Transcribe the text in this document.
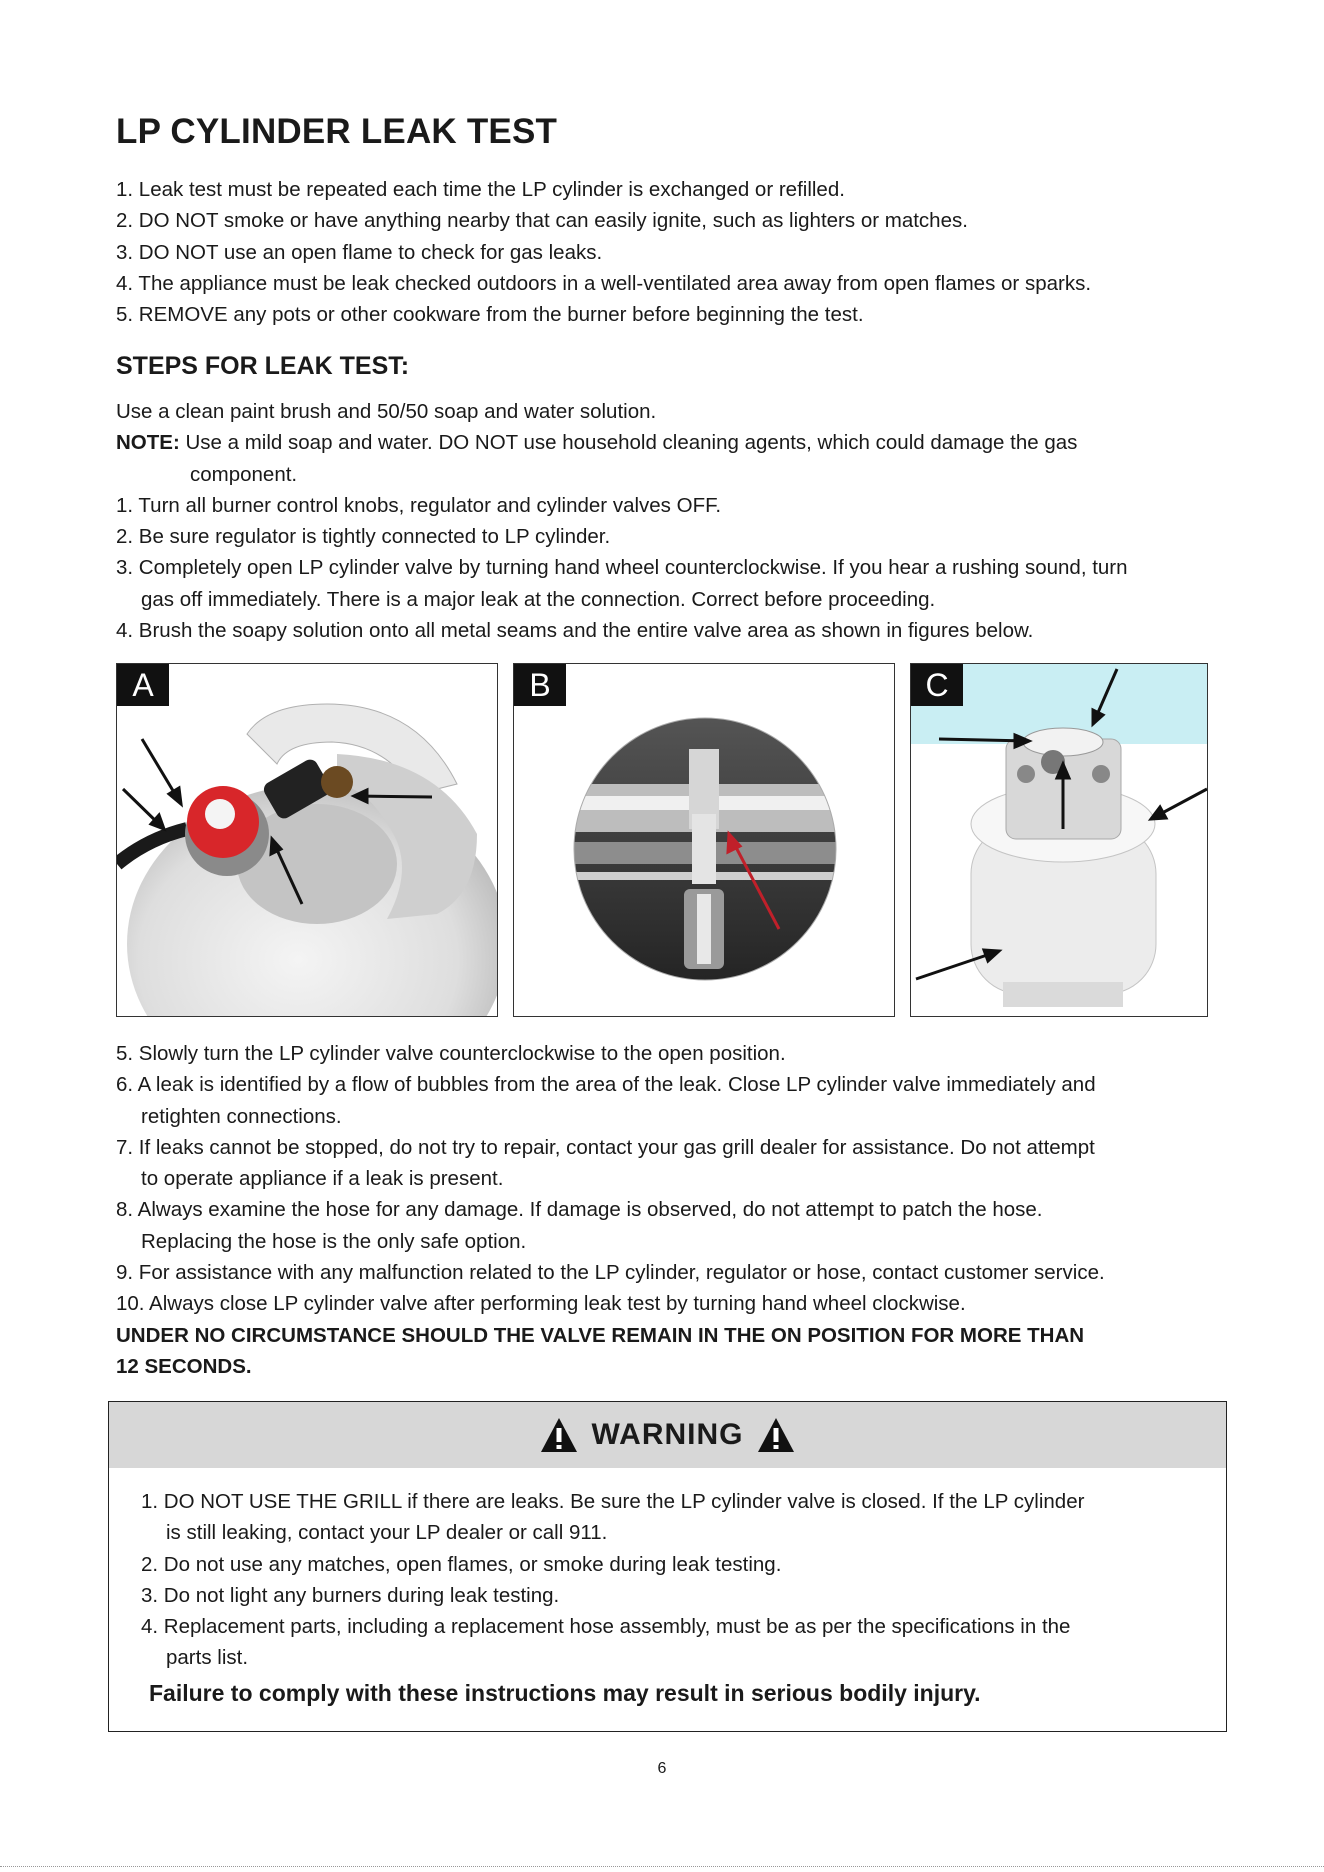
LP CYLINDER LEAK TEST
1. Leak test must be repeated each time the LP cylinder is exchanged or refilled.
2. DO NOT smoke or have anything nearby that can easily ignite, such as lighters or matches.
3. DO NOT use an open flame to check for gas leaks.
4. The appliance must be leak checked outdoors in a well-ventilated area away from open flames or sparks.
5. REMOVE any pots or other cookware from the burner before beginning the test.
STEPS FOR LEAK TEST:
Use a clean paint brush and 50/50 soap and water solution.
NOTE: Use a mild soap and water. DO NOT use household cleaning agents, which could damage the gas
component.
1. Turn all burner control knobs, regulator and cylinder valves OFF.
2. Be sure regulator is tightly connected to LP cylinder.
3. Completely open LP cylinder valve by turning hand wheel counterclockwise. If you hear a rushing sound, turn
gas off immediately. There is a major leak at the connection. Correct before proceeding.
4. Brush the soapy solution onto all metal seams and the entire valve area as shown in figures below.
A	B	C
5. Slowly turn the LP cylinder valve counterclockwise to the open position.
6. A leak is identified by a flow of bubbles from the area of the leak. Close LP cylinder valve immediately and
retighten connections.
7. If leaks cannot be stopped, do not try to repair, contact your gas grill dealer for assistance. Do not attempt
to operate appliance if a leak is present.
8. Always examine the hose for any damage. If damage is observed, do not attempt to patch the hose.
Replacing the hose is the only safe option.
9. For assistance with any malfunction related to the LP cylinder, regulator or hose, contact customer service.
10. Always close LP cylinder valve after performing leak test by turning hand wheel clockwise.
UNDER NO CIRCUMSTANCE SHOULD THE VALVE REMAIN IN THE ON POSITION FOR MORE THAN
12 SECONDS.
WARNING
1. DO NOT USE THE GRILL if there are leaks. Be sure the LP cylinder valve is closed. If the LP cylinder
is still leaking, contact your LP dealer or call 911.
2. Do not use any matches, open flames, or smoke during leak testing.
3. Do not light any burners during leak testing.
4. Replacement parts, including a replacement hose assembly, must be as per the specifications in the
parts list.
Failure to comply with these instructions may result in serious bodily injury.
6
